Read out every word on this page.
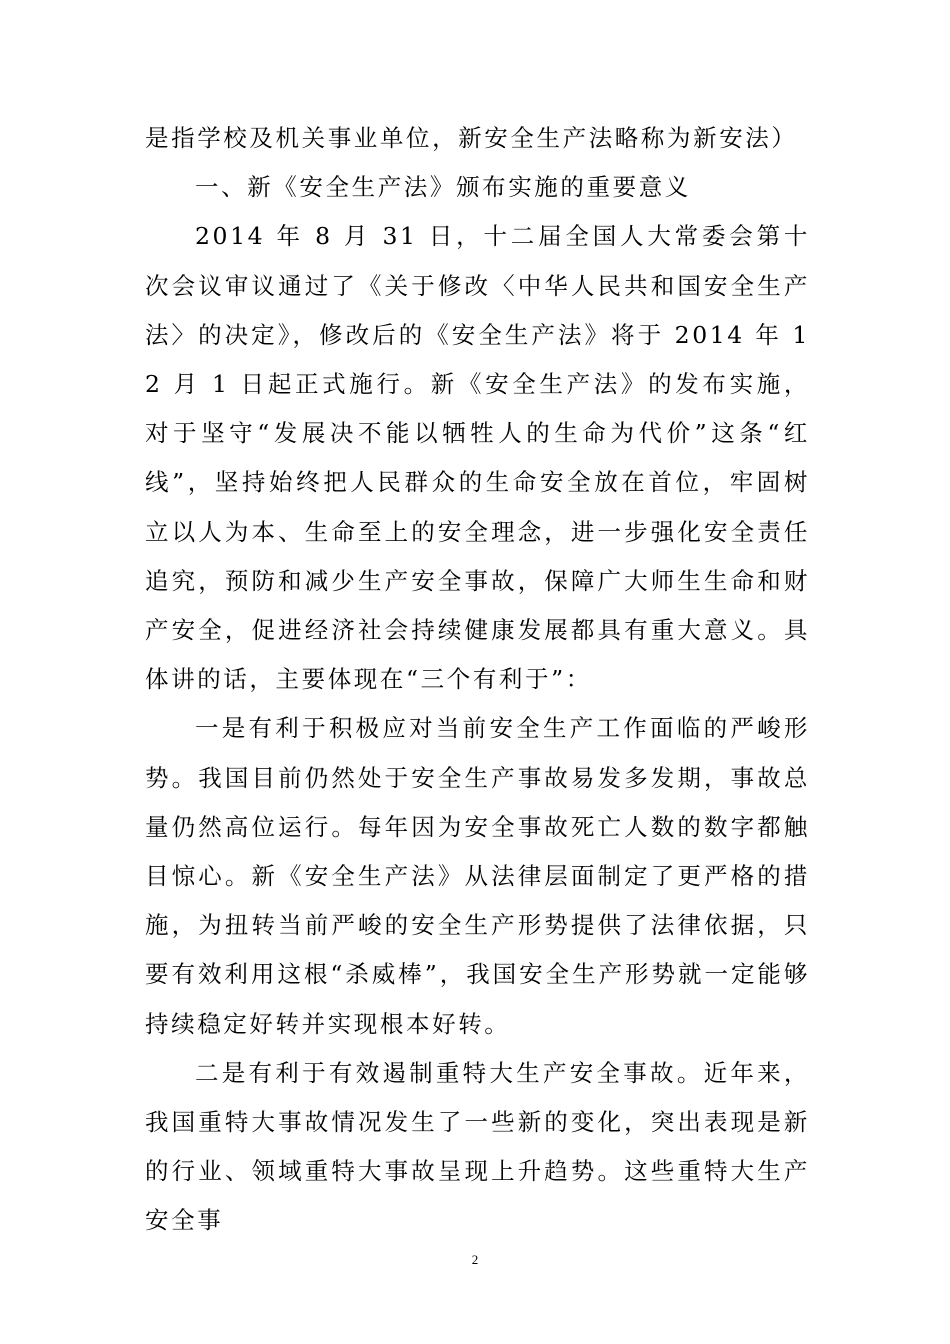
是指学校及机关事业单位，新安全生产法略称为新安法）

一、新《安全生产法》颁布实施的重要意义

2014 年 8 月 31 日，十二届全国人大常委会第十次会议审议通过了《关于修改〈中华人民共和国安全生产法〉的决定》，修改后的《安全生产法》将于 2014 年 12 月 1 日起正式施行。新《安全生产法》的发布实施，对于坚守“发展决不能以牺牲人的生命为代价”这条“红线”，坚持始终把人民群众的生命安全放在首位，牢固树立以人为本、生命至上的安全理念，进一步强化安全责任追究，预防和减少生产安全事故，保障广大师生生命和财产安全，促进经济社会持续健康发展都具有重大意义。具体讲的话，主要体现在“三个有利于”：

一是有利于积极应对当前安全生产工作面临的严峻形势。我国目前仍然处于安全生产事故易发多发期，事故总量仍然高位运行。每年因为安全事故死亡人数的数字都触目惊心。新《安全生产法》从法律层面制定了更严格的措施，为扭转当前严峻的安全生产形势提供了法律依据，只要有效利用这根“杀威棒”，我国安全生产形势就一定能够持续稳定好转并实现根本好转。

二是有利于有效遏制重特大生产安全事故。近年来，我国重特大事故情况发生了一些新的变化，突出表现是新的行业、领域重特大事故呈现上升趋势。这些重特大生产安全事

2
